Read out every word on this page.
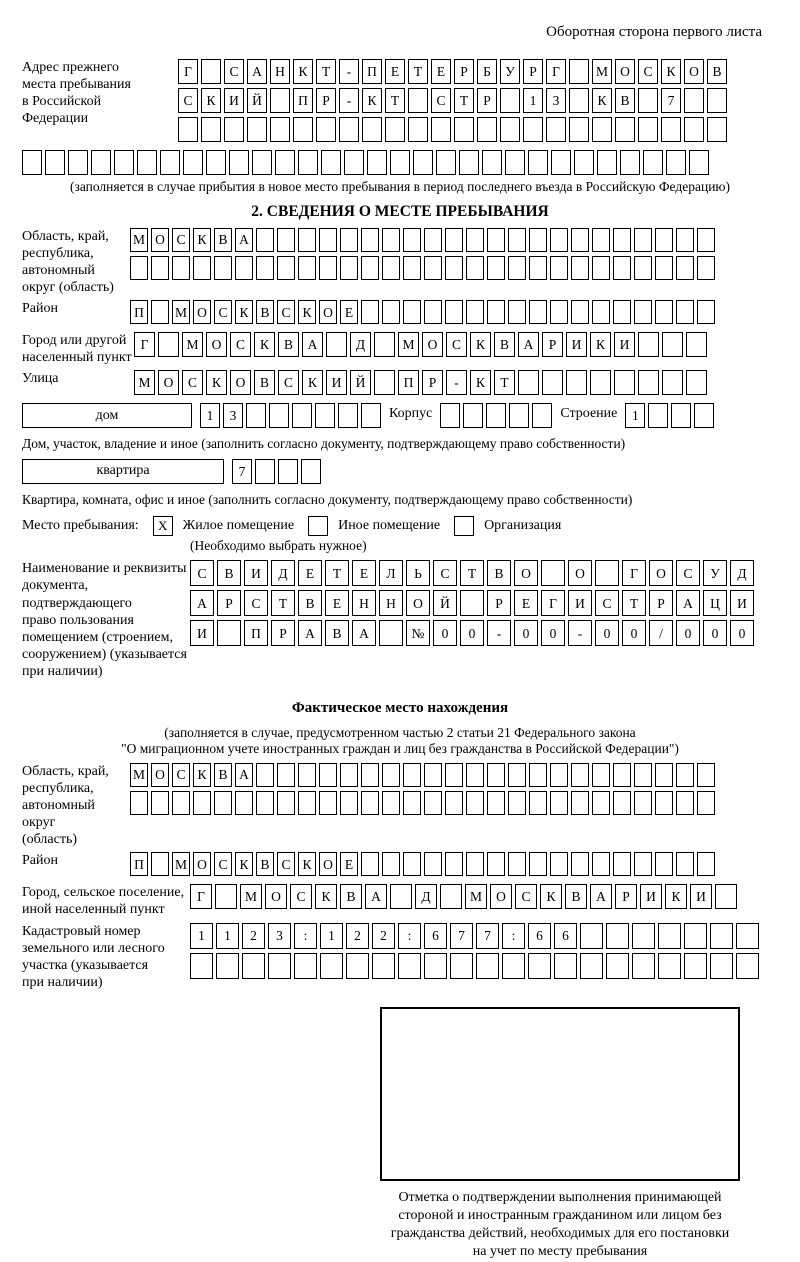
Оборотная сторона первого листа
Адрес прежнего
места пребывания
в Российской
Федерации
Г	С	А Н	К	Т	-	П	Е	Т	Е	Р	Б	У	Р	Г	М О	С	К	О	В
С	К	И Й	П	Р	-	К	Т	С	Т	Р	1	3	К	В	7
(заполняется в случае прибытия в новое место пребывания в период последнего въезда в Российскую Федерацию)
2. СВЕДЕНИЯ О МЕСТЕ ПРЕБЫВАНИЯ
Область, край,
республика,
автономный
округ (область)
М О С К В А
Район	П	М О С К В С К О Е
Город или другой
населенный пункт
Г	М О	С	К	В	А	Д	М О	С	К	В	А	Р	И	К	И
Улица	М О	С	К	О	В	С	К	И	Й	П	Р	-	К	Т
дом	1	3	Корпус	Строение	1
Дом, участок, владение и иное (заполнить согласно документу, подтверждающему право собственности)
квартира	7
Квартира, комната, офис и иное (заполнить согласно документу, подтверждающему право собственности)
Место пребывания:	X	Жилое помещение	Иное помещение	Организация
(Необходимо выбрать нужное)
Наименование и реквизиты
документа, подтверждающего
право пользования
помещением (строением,
сооружением) (указывается
при наличии)
С	В	И	Д	Е	Т	Е	Л	Ь	С	Т	В	О	О	Г	О	С	У	Д
А	Р	С	Т	В	Е	Н	Н	О	Й	Р	Е	Г	И	С	Т	Р	А	Ц	И
И	П	Р	А	В	А	№	0	0	-	0	0	-	0	0	/	0	0	0
Фактическое место нахождения
(заполняется в случае, предусмотренном частью 2 статьи 21 Федерального закона
"О миграционном учете иностранных граждан и лиц без гражданства в Российской Федерации")
Область, край,
республика,
автономный округ
(область)
М О С К В А
Район	П	М О С К В С К О Е
Город, сельское поселение,
иной населенный пункт
Г	М	О	С	К	В	А	Д	М	О	С	К	В	А	Р	И	К	И
Кадастровый номер
земельного или лесного
участка (указывается
при наличии)
1	1	2	3	:	1	2	2	:	6	7	7	:	6	6
Отметка о подтверждении выполнения принимающей
стороной и иностранным гражданином или лицом без
гражданства действий, необходимых для его постановки
на учет по месту пребывания
